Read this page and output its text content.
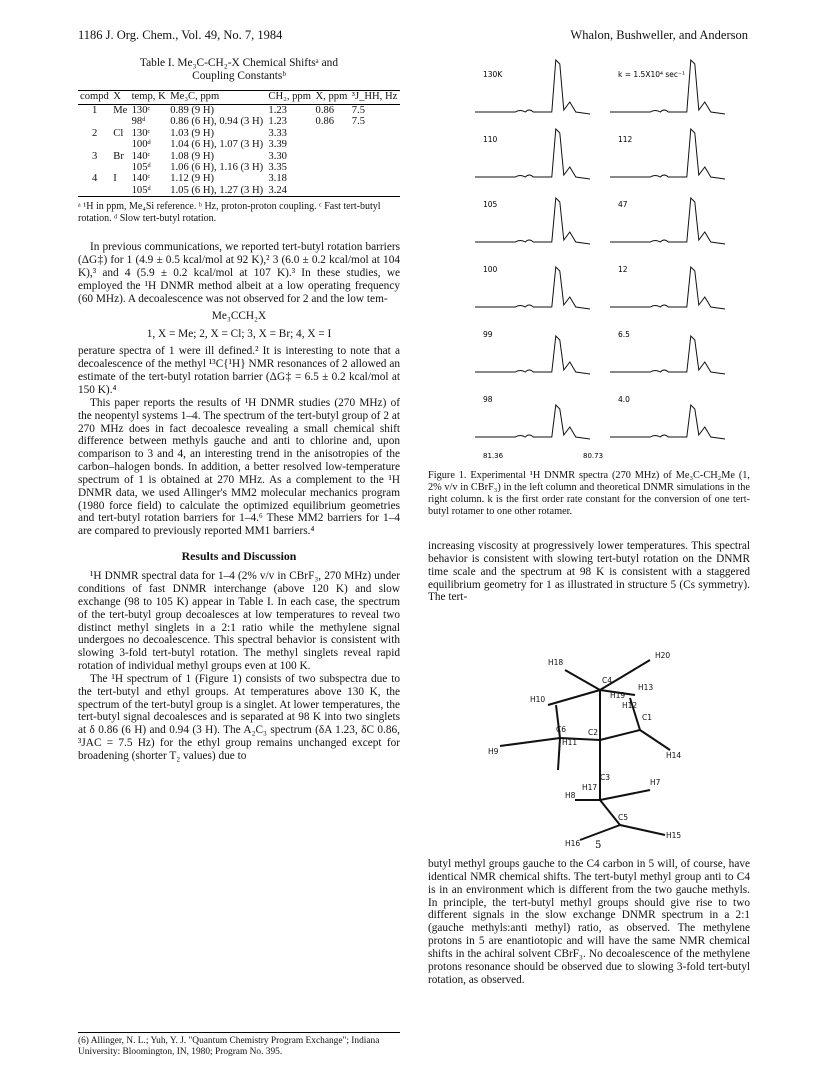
1186 J. Org. Chem., Vol. 49, No. 7, 1984	Whalon, Bushweller, and Anderson
Table I. Me₃C-CH₂-X Chemical Shiftsᵃ and
Coupling Constantsᵇ
compd	X	temp, K	Me₃C, ppm	CH₂, ppm	X, ppm	³J_HH, Hz
1	Me	130ᶜ	0.89 (9 H)	1.23	0.86	7.5
		98ᵈ	0.86 (6 H), 0.94 (3 H)	1.23	0.86	7.5
2	Cl	130ᶜ	1.03 (9 H)	3.33		
		100ᵈ	1.04 (6 H), 1.07 (3 H)	3.39		
3	Br	140ᶜ	1.08 (9 H)	3.30		
		105ᵈ	1.06 (6 H), 1.16 (3 H)	3.35		
4	I	140ᶜ	1.12 (9 H)	3.18		
		105ᵈ	1.05 (6 H), 1.27 (3 H)	3.24		
ᵃ ¹H in ppm, Me₄Si reference. ᵇ Hz, proton-proton coupling. ᶜ Fast tert-butyl rotation. ᵈ Slow tert-butyl rotation.

In previous communications, we reported tert-butyl rotation barriers (ΔG‡) for 1 (4.9 ± 0.5 kcal/mol at 92 K),² 3 (6.0 ± 0.2 kcal/mol at 104 K),³ and 4 (5.9 ± 0.2 kcal/mol at 107 K).³ In these studies, we employed the ¹H DNMR method albeit at a low operating frequency (60 MHz). A decoalescence was not observed for 2 and the low tem-

Me₃CCH₂X
1, X = Me; 2, X = Cl; 3, X = Br; 4, X = I

perature spectra of 1 were ill defined.² It is interesting to note that a decoalescence of the methyl ¹³C{¹H} NMR resonances of 2 allowed an estimate of the tert-butyl rotation barrier (ΔG‡ = 6.5 ± 0.2 kcal/mol at 150 K).⁴

This paper reports the results of ¹H DNMR studies (270 MHz) of the neopentyl systems 1–4. The spectrum of the tert-butyl group of 2 at 270 MHz does in fact decoalesce revealing a small chemical shift difference between methyls gauche and anti to chlorine and, upon comparison to 3 and 4, an interesting trend in the anisotropies of the carbon–halogen bonds. In addition, a better resolved low-temperature spectrum of 1 is obtained at 270 MHz. As a complement to the ¹H DNMR data, we used Allinger's MM2 molecular mechanics program (1980 force field) to calculate the optimized equilibrium geometries and tert-butyl rotation barriers for 1–4.⁶ These MM2 barriers for 1–4 are compared to previously reported MM1 barriers.⁴

Results and Discussion

¹H DNMR spectral data for 1–4 (2% v/v in CBrF₃, 270 MHz) under conditions of fast DNMR interchange (above 120 K) and slow exchange (98 to 105 K) appear in Table I. In each case, the spectrum of the tert-butyl group decoalesces at low temperatures to reveal two distinct methyl singlets in a 2:1 ratio while the methylene signal undergoes no decoalescence. This spectral behavior is consistent with slowing 3-fold tert-butyl rotation. The methyl singlets reveal rapid rotation of individual methyl groups even at 100 K.

The ¹H spectrum of 1 (Figure 1) consists of two subspectra due to the tert-butyl and ethyl groups. At temperatures above 130 K, the spectrum of the tert-butyl group is a singlet. At lower temperatures, the tert-butyl signal decoalesces and is separated at 98 K into two singlets at δ 0.86 (6 H) and 0.94 (3 H). The A₂C₃ spectrum (δA 1.23, δC 0.86, ³JAC = 7.5 Hz) for the ethyl group remains unchanged except for broadening (shorter T₂ values) due to

(6) Allinger, N. L.; Yuh, Y. J. "Quantum Chemistry Program Exchange"; Indiana University: Bloomington, IN, 1980; Program No. 395.
130K
110
105
100
99
98
k = 1.5X10⁴ sec⁻¹
112
47
12
6.5
4.0
81.36	80.73
Figure 1. Experimental ¹H DNMR spectra (270 MHz) of Me₃C-CH₂Me (1, 2% v/v in CBrF₃) in the left column and theoretical DNMR simulations in the right column. k is the first order rate constant for the conversion of one tert-butyl rotamer to one other rotamer.

increasing viscosity at progressively lower temperatures. This spectral behavior is consistent with slowing tert-butyl rotation on the DNMR time scale and the spectrum at 98 K is consistent with a staggered equilibrium geometry for 1 as illustrated in structure 5 (Cs symmetry). The tert-

H18
H20
C4
H10
H13
H19
H12
C1
C6
H11
C2
H9	H14
C3
H7
H8
H17
C5
H16
H15
5

butyl methyl groups gauche to the C4 carbon in 5 will, of course, have identical NMR chemical shifts. The tert-butyl methyl group anti to C4 is in an environment which is different from the two gauche methyls. In principle, the tert-butyl methyl groups should give rise to two different signals in the slow exchange DNMR spectrum in a 2:1 (gauche methyls:anti methyl) ratio, as observed. The methylene protons in 5 are enantiotopic and will have the same NMR chemical shifts in the achiral solvent CBrF₃. No decoalescence of the methylene protons resonance should be observed due to slowing 3-fold tert-butyl rotation, as observed.
